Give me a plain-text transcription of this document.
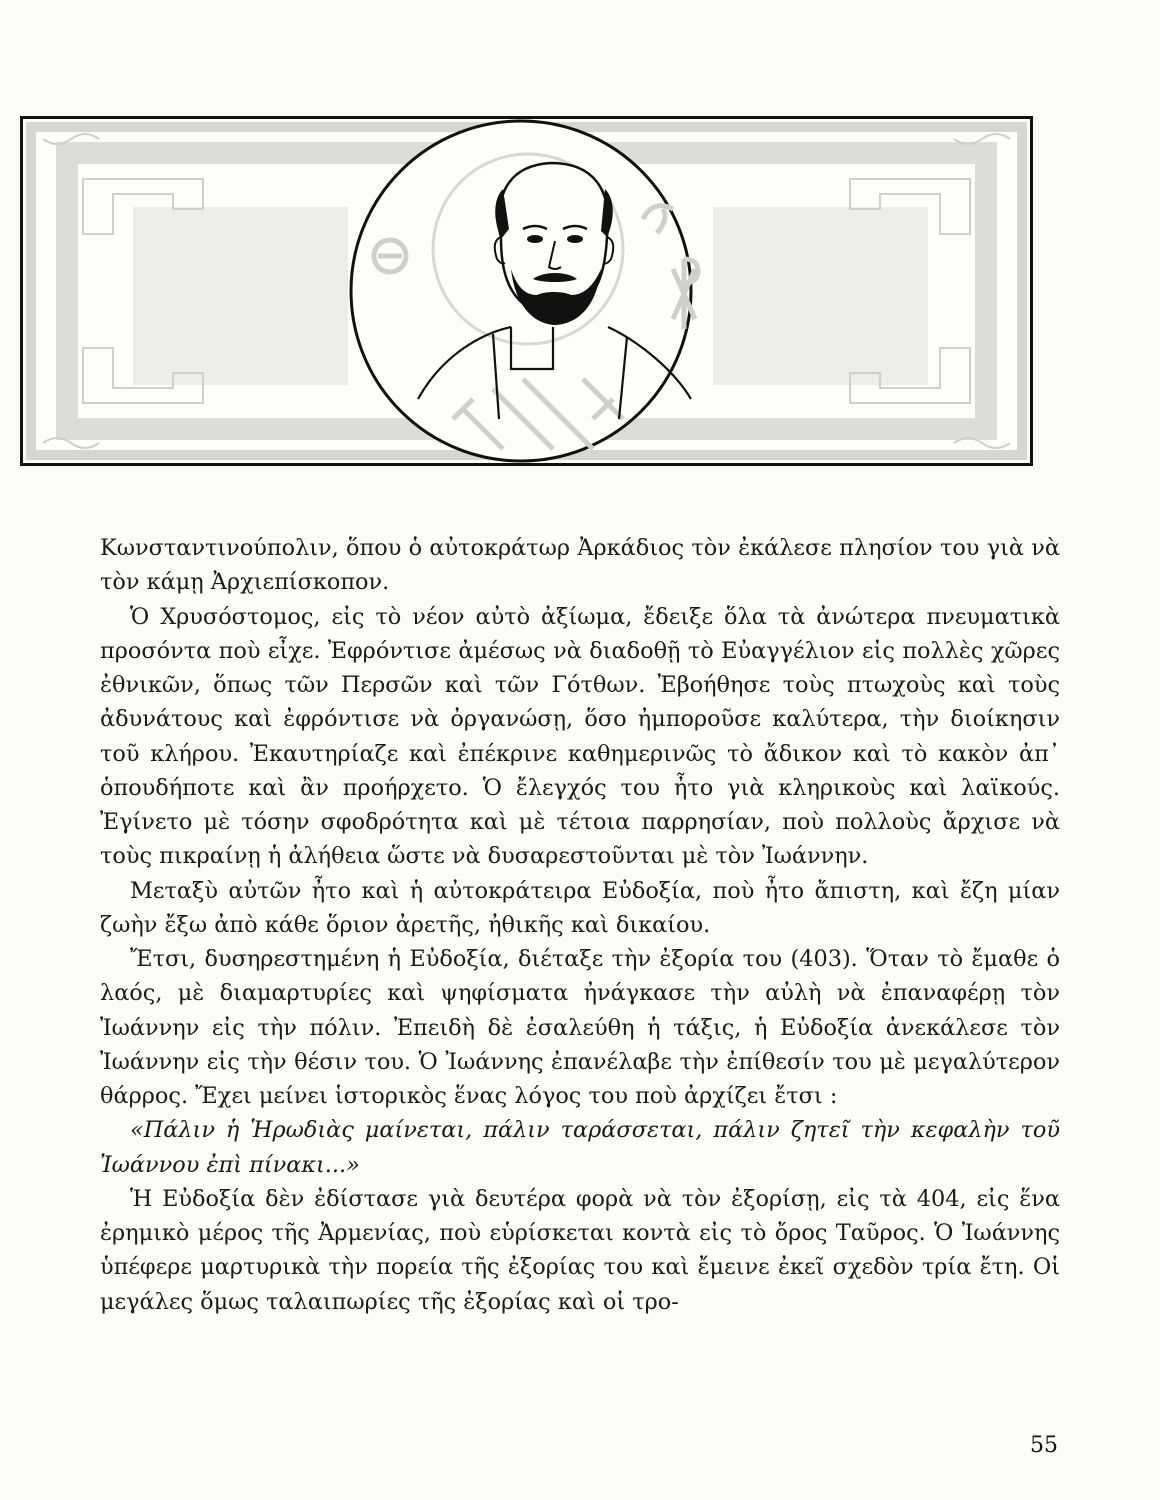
Κωνσταντινούπολιν, ὅπου ὁ αὐτοκράτωρ Ἀρκάδιος τὸν ἐκάλεσε πλησίον του γιὰ νὰ τὸν κάμῃ Ἀρχιεπίσκοπον.

Ὁ Χρυσόστομος, εἰς τὸ νέον αὐτὸ ἀξίωμα, ἔδειξε ὅλα τὰ ἀνώτερα πνευματικὰ προσόντα ποὺ εἶχε. Ἐφρόντισε ἀμέσως νὰ διαδοθῇ τὸ Εὐαγγέλιον εἰς πολλὲς χῶρες ἐθνικῶν, ὅπως τῶν Περσῶν καὶ τῶν Γότθων. Ἐβοήθησε τοὺς πτωχοὺς καὶ τοὺς ἀδυνάτους καὶ ἐφρόντισε νὰ ὀργανώσῃ, ὅσο ἠμποροῦσε καλύτερα, τὴν διοίκησιν τοῦ κλήρου. Ἐκαυτηρίαζε καὶ ἐπέκρινε καθημερινῶς τὸ ἄδικον καὶ τὸ κακὸν ἀπ᾽ ὁπουδήποτε καὶ ἂν προήρχετο. Ὁ ἔλεγχός του ἦτο γιὰ κληρικοὺς καὶ λαϊκούς. Ἐγίνετο μὲ τόσην σφοδρότητα καὶ μὲ τέτοια παρρησίαν, ποὺ πολλοὺς ἄρχισε νὰ τοὺς πικραίνῃ ἡ ἀλήθεια ὥστε νὰ δυσαρεστοῦνται μὲ τὸν Ἰωάννην.

Μεταξὺ αὐτῶν ἦτο καὶ ἡ αὐτοκράτειρα Εὐδοξία, ποὺ ἦτο ἄπιστη, καὶ ἔζη μίαν ζωὴν ἔξω ἀπὸ κάθε ὅριον ἀρετῆς, ἠθικῆς καὶ δικαίου.

Ἔτσι, δυσηρεστημένη ἡ Εὐδοξία, διέταξε τὴν ἐξορία του (403). Ὅταν τὸ ἔμαθε ὁ λαός, μὲ διαμαρτυρίες καὶ ψηφίσματα ἠνάγκασε τὴν αὐλὴ νὰ ἐπαναφέρῃ τὸν Ἰωάννην εἰς τὴν πόλιν. Ἐπειδὴ δὲ ἐσαλεύθη ἡ τάξις, ἡ Εὐδοξία ἀνεκάλεσε τὸν Ἰωάννην εἰς τὴν θέσιν του. Ὁ Ἰωάννης ἐπανέλαβε τὴν ἐπίθεσίν του μὲ μεγαλύτερον θάρρος. Ἔχει μείνει ἱστορικὸς ἕνας λόγος του ποὺ ἀρχίζει ἔτσι :

«Πάλιν ἡ Ἡρωδιὰς μαίνεται, πάλιν ταράσσεται, πάλιν ζητεῖ τὴν κεφαλὴν τοῦ Ἰωάννου ἐπὶ πίνακι...»

Ἡ Εὐδοξία δὲν ἐδίστασε γιὰ δευτέρα φορὰ νὰ τὸν ἐξορίσῃ, εἰς τὰ 404, εἰς ἕνα ἐρημικὸ μέρος τῆς Ἀρμενίας, ποὺ εὑρίσκεται κοντὰ εἰς τὸ ὄρος Ταῦρος. Ὁ Ἰωάννης ὑπέφερε μαρτυρικὰ τὴν πορεία τῆς ἐξορίας του καὶ ἔμεινε ἐκεῖ σχεδὸν τρία ἔτη. Οἱ μεγάλες ὅμως ταλαιπωρίες τῆς ἐξορίας καὶ οἱ τρο-

55
